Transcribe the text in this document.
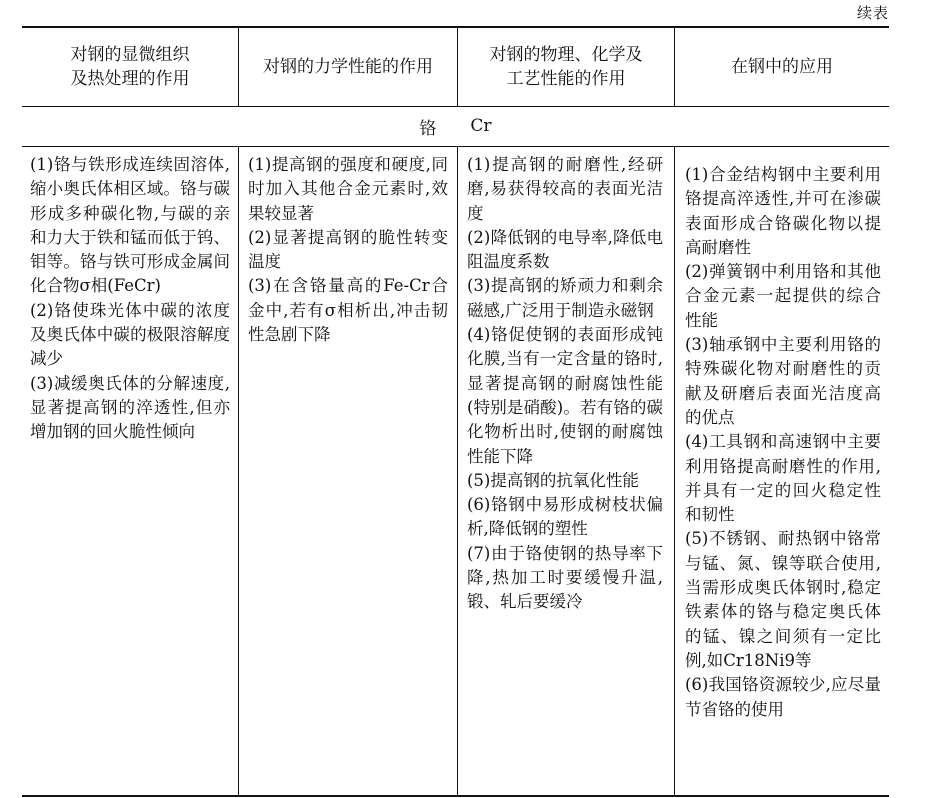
续表
对钢的显微组织
及热处理的作用
对钢的力学性能的作用
对钢的物理、化学及
工艺性能的作用
在钢中的应用
铬 Cr

(1)铬与铁形成连续固溶体,缩小奥氏体相区域。铬与碳形成多种碳化物,与碳的亲和力大于铁和锰而低于钨、钼等。铬与铁可形成金属间化合物σ相(FeCr)

(2)铬使珠光体中碳的浓度及奥氏体中碳的极限溶解度减少

(3)减缓奥氏体的分解速度,显著提高钢的淬透性,但亦增加钢的回火脆性倾向

(1)提高钢的强度和硬度,同时加入其他合金元素时,效果较显著

(2)显著提高钢的脆性转变温度

(3)在含铬量高的Fe-Cr合金中,若有σ相析出,冲击韧性急剧下降

(1)提高钢的耐磨性,经研磨,易获得较高的表面光洁度

(2)降低钢的电导率,降低电阻温度系数

(3)提高钢的矫顽力和剩余磁感,广泛用于制造永磁钢

(4)铬促使钢的表面形成钝化膜,当有一定含量的铬时,显著提高钢的耐腐蚀性能(特别是硝酸)。若有铬的碳化物析出时,使钢的耐腐蚀性能下降

(5)提高钢的抗氧化性能

(6)铬钢中易形成树枝状偏析,降低钢的塑性

(7)由于铬使钢的热导率下降,热加工时要缓慢升温,锻、轧后要缓冷

(1)合金结构钢中主要利用铬提高淬透性,并可在渗碳表面形成合铬碳化物以提高耐磨性

(2)弹簧钢中利用铬和其他合金元素一起提供的综合性能

(3)轴承钢中主要利用铬的特殊碳化物对耐磨性的贡献及研磨后表面光洁度高的优点

(4)工具钢和高速钢中主要利用铬提高耐磨性的作用,并具有一定的回火稳定性和韧性

(5)不锈钢、耐热钢中铬常与锰、氮、镍等联合使用,当需形成奥氏体钢时,稳定铁素体的铬与稳定奥氏体的锰、镍之间须有一定比例,如Cr18Ni9等

(6)我国铬资源较少,应尽量节省铬的使用
